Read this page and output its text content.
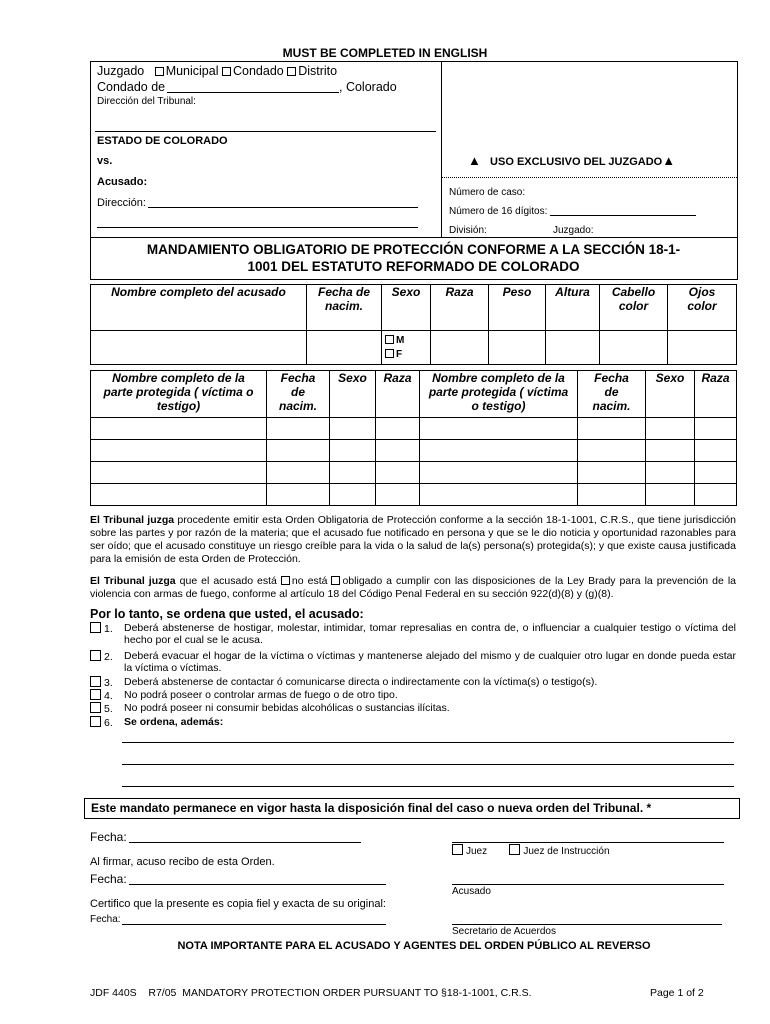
MUST BE COMPLETED IN ENGLISH
Juzgado Municipal Condado Distrito
Condado de	, Colorado
Dirección del Tribunal:
ESTADO DE COLORADO
vs.
Acusado:
Dirección:
▲ USO EXCLUSIVO DEL JUZGADO▲
Número de caso:
Número de 16 dígitos:
División:	Juzgado:
MANDAMIENTO OBLIGATORIO DE PROTECCIÓN CONFORME A LA SECCIÓN 18-1-
1001 DEL ESTATUTO REFORMADO DE COLORADO
Nombre completo del acusado	Fecha de nacim.	Sexo	Raza	Peso	Altura	Cabello color	Ojos color

		M
F					

Nombre completo de la parte protegida ( víctima o testigo)	Fecha de nacim.	Sexo	Raza	Nombre completo de la parte protegida ( víctima o testigo)	Fecha de nacim.	Sexo	Raza

El Tribunal juzga procedente emitir esta Orden Obligatoria de Protección conforme a la sección 18-1-1001, C.R.S., que tiene jurisdicción sobre las partes y por razón de la materia; que el acusado fue notificado en persona y que se le dio noticia y oportunidad razonables para ser oído; que el acusado constituye un riesgo creíble para la vida o la salud de la(s) persona(s) protegida(s); y que existe causa justificada para la emisión de esta Orden de Protección.
El Tribunal juzga que el acusado está no está obligado a cumplir con las disposiciones de la Ley Brady para la prevención de la violencia con armas de fuego, conforme al artículo 18 del Código Penal Federal en su sección 922(d)(8) y (g)(8).
Por lo tanto, se ordena que usted, el acusado:
1. Deberá abstenerse de hostigar, molestar, intimidar, tomar represalias en contra de, o influenciar a cualquier testigo o víctima del hecho por el cual se le acusa.
2. Deberá evacuar el hogar de la víctima o víctimas y mantenerse alejado del mismo y de cualquier otro lugar en donde pueda estar la víctima o víctimas.
3. Deberá abstenerse de contactar ó comunicarse directa o indirectamente con la víctima(s) o testigo(s).
4. No podrá poseer o controlar armas de fuego o de otro tipo.
5. No podrá poseer ni consumir bebidas alcohólicas o sustancias ilícitas.
6. Se ordena, además:
Este mandato permanece en vigor hasta la disposición final del caso o nueva orden del Tribunal. *
Fecha:
Juez	Juez de Instrucción
Al firmar, acuso recibo de esta Orden.
Fecha:
Acusado
Certifico que la presente es copia fiel y exacta de su original:
Fecha:
Secretario de Acuerdos
NOTA IMPORTANTE PARA EL ACUSADO Y AGENTES DEL ORDEN PÚBLICO AL REVERSO
JDF 440S    R7/05  MANDATORY PROTECTION ORDER PURSUANT TO §18-1-1001, C.R.S.	Page 1 of 2
